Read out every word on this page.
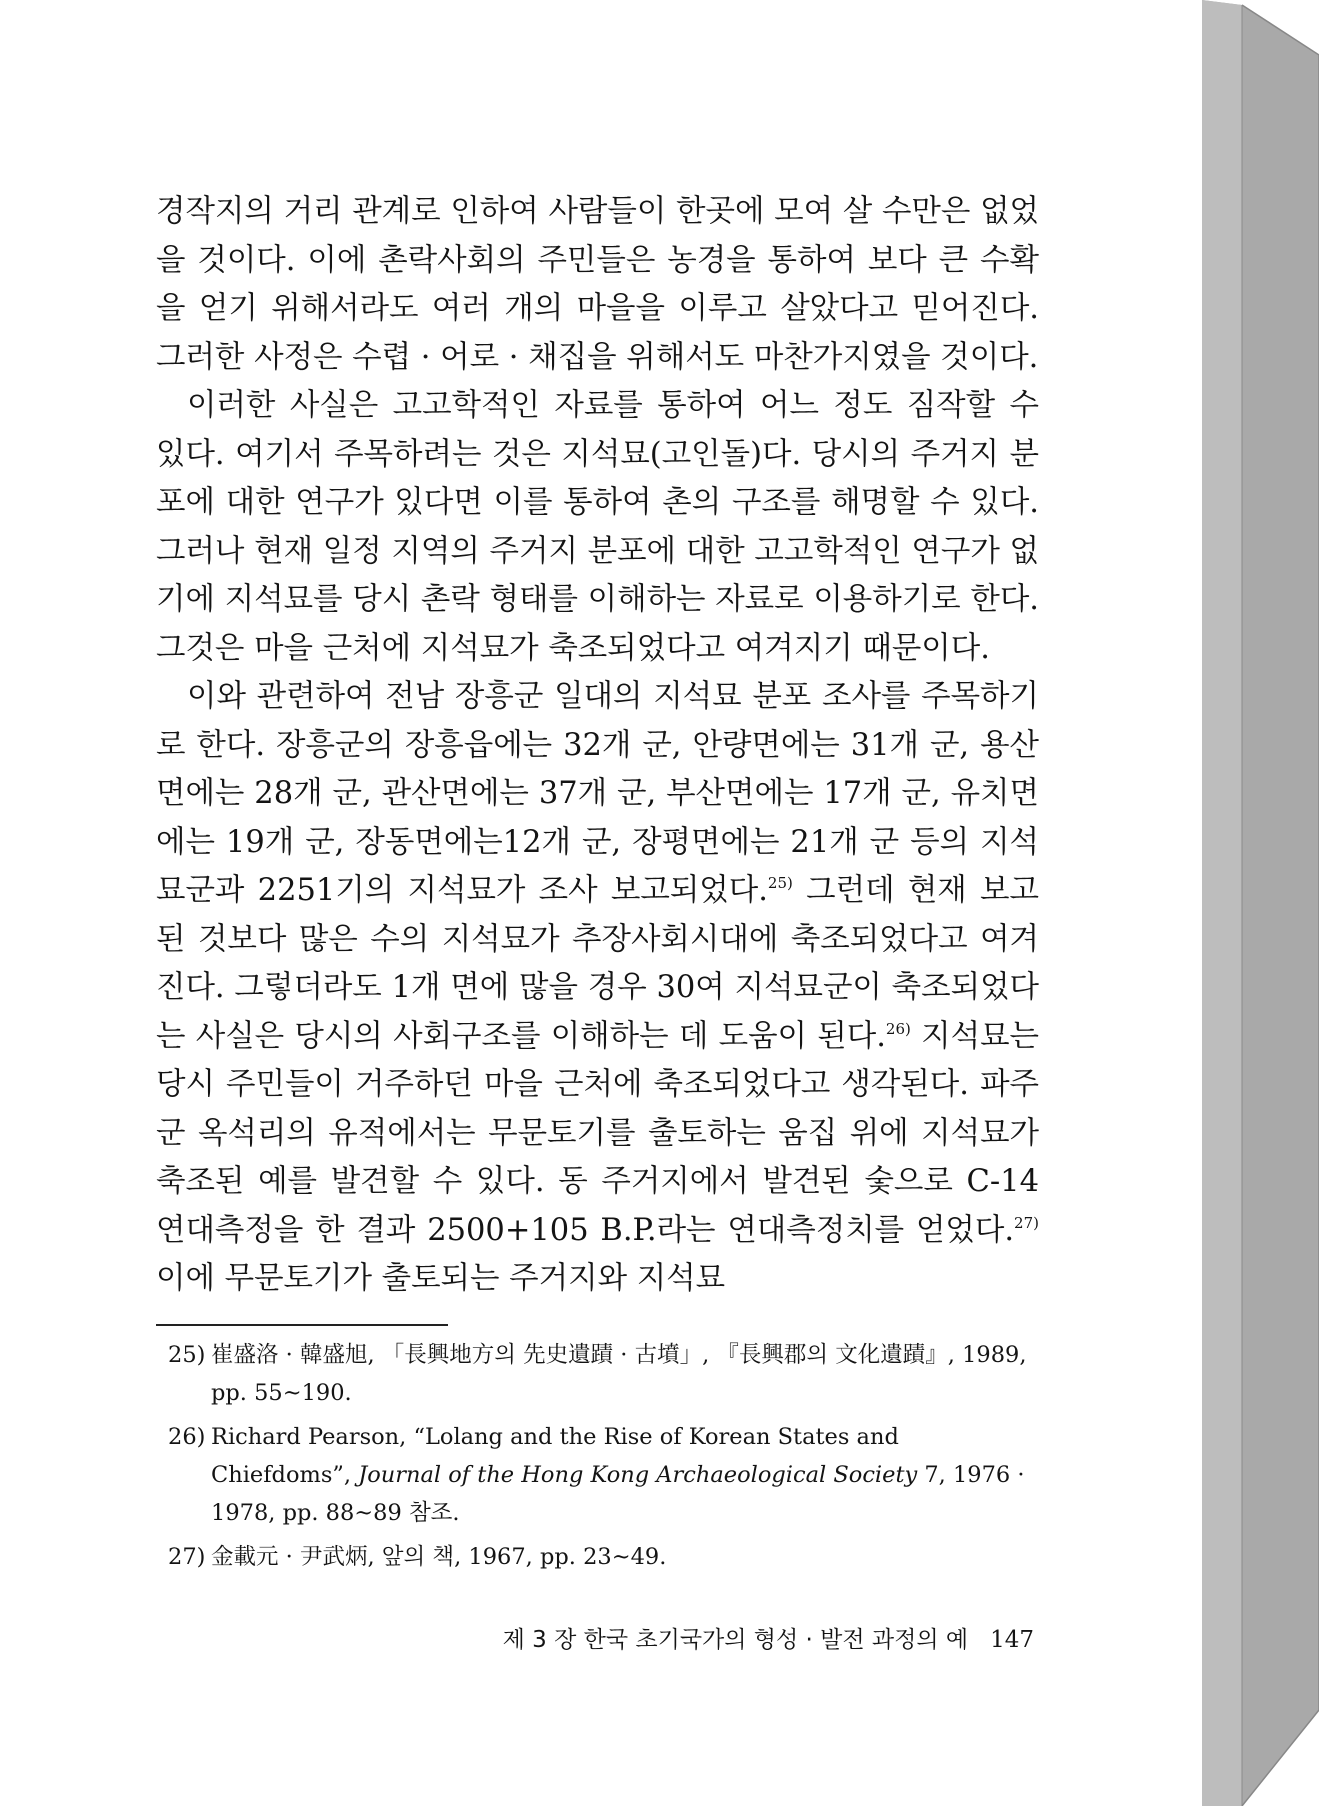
경작지의 거리 관계로 인하여 사람들이 한곳에 모여 살 수만은 없었을 것이다. 이에 촌락사회의 주민들은 농경을 통하여 보다 큰 수확을 얻기 위해서라도 여러 개의 마을을 이루고 살았다고 믿어진다. 그러한 사정은 수렵 · 어로 · 채집을 위해서도 마찬가지였을 것이다.

이러한 사실은 고고학적인 자료를 통하여 어느 정도 짐작할 수 있다. 여기서 주목하려는 것은 지석묘(고인돌)다. 당시의 주거지 분포에 대한 연구가 있다면 이를 통하여 촌의 구조를 해명할 수 있다. 그러나 현재 일정 지역의 주거지 분포에 대한 고고학적인 연구가 없기에 지석묘를 당시 촌락 형태를 이해하는 자료로 이용하기로 한다. 그것은 마을 근처에 지석묘가 축조되었다고 여겨지기 때문이다.

이와 관련하여 전남 장흥군 일대의 지석묘 분포 조사를 주목하기로 한다. 장흥군의 장흥읍에는 32개 군, 안량면에는 31개 군, 용산면에는 28개 군, 관산면에는 37개 군, 부산면에는 17개 군, 유치면에는 19개 군, 장동면에는12개 군, 장평면에는 21개 군 등의 지석묘군과 2251기의 지석묘가 조사 보고되었다.$^{25)}$ 그런데 현재 보고된 것보다 많은 수의 지석묘가 추장사회시대에 축조되었다고 여겨진다. 그렇더라도 1개 면에 많을 경우 30여 지석묘군이 축조되었다는 사실은 당시의 사회구조를 이해하는 데 도움이 된다.$^{26)}$ 지석묘는 당시 주민들이 거주하던 마을 근처에 축조되었다고 생각된다. 파주군 옥석리의 유적에서는 무문토기를 출토하는 움집 위에 지석묘가 축조된 예를 발견할 수 있다. 동 주거지에서 발견된 숯으로 C-14 연대측정을 한 결과 2500+105 B.P.라는 연대측정치를 얻었다.$^{27)}$ 이에 무문토기가 출토되는 주거지와 지석묘

25) 崔盛洛 · 韓盛旭, 「長興地方의 先史遺蹟 · 古墳」, 『長興郡의 文化遺蹟』, 1989, pp. 55~190.
26) Richard Pearson, “Lolang and the Rise of Korean States and Chiefdoms”, Journal of the Hong Kong Archaeological Society 7, 1976 · 1978, pp. 88~89 참조.
27) 金載元 · 尹武炳, 앞의 책, 1967, pp. 23~49.
제 3 장 한국 초기국가의 형성 · 발전 과정의 예 147
